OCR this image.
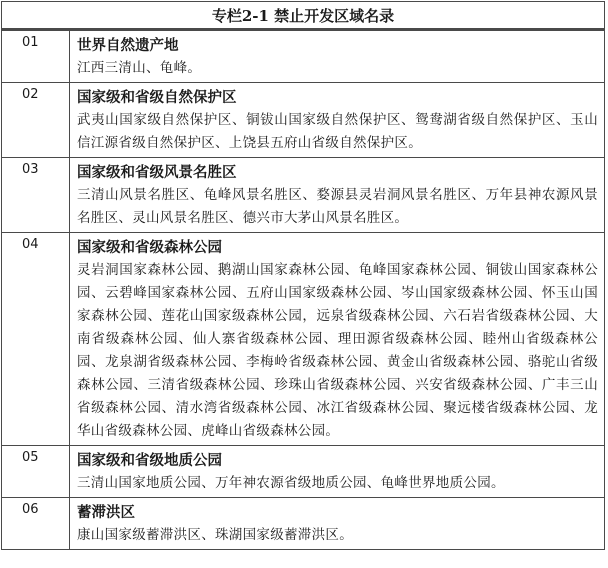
专栏2-1 禁止开发区域名录
01	世界自然遗产地
江西三清山、龟峰。

02	国家级和省级自然保护区
武夷山国家级自然保护区、铜钹山国家级自然保护区、鸳鸯湖省级自然保护区、玉山信江源省级自然保护区、上饶县五府山省级自然保护区。

03	国家级和省级风景名胜区
三清山风景名胜区、龟峰风景名胜区、婺源县灵岩洞风景名胜区、万年县神农源风景名胜区、灵山风景名胜区、德兴市大茅山风景名胜区。

04	国家级和省级森林公园
灵岩洞国家森林公园、鹅湖山国家森林公园、龟峰国家森林公园、铜钹山国家森林公园、云碧峰国家森林公园、五府山国家级森林公园、岑山国家级森林公园、怀玉山国家森林公园、莲花山国家级森林公园，远泉省级森林公园、六石岩省级森林公园、大南省级森林公园、仙人寨省级森林公园、理田源省级森林公园、睦州山省级森林公园、龙泉湖省级森林公园、李梅岭省级森林公园、黄金山省级森林公园、骆驼山省级森林公园、三清省级森林公园、珍珠山省级森林公园、兴安省级森林公园、广丰三山省级森林公园、清水湾省级森林公园、冰江省级森林公园、聚远楼省级森林公园、龙华山省级森林公园、虎峰山省级森林公园。

05	国家级和省级地质公园
三清山国家地质公园、万年神农源省级地质公园、龟峰世界地质公园。

06	蓄滞洪区
康山国家级蓄滞洪区、珠湖国家级蓄滞洪区。
